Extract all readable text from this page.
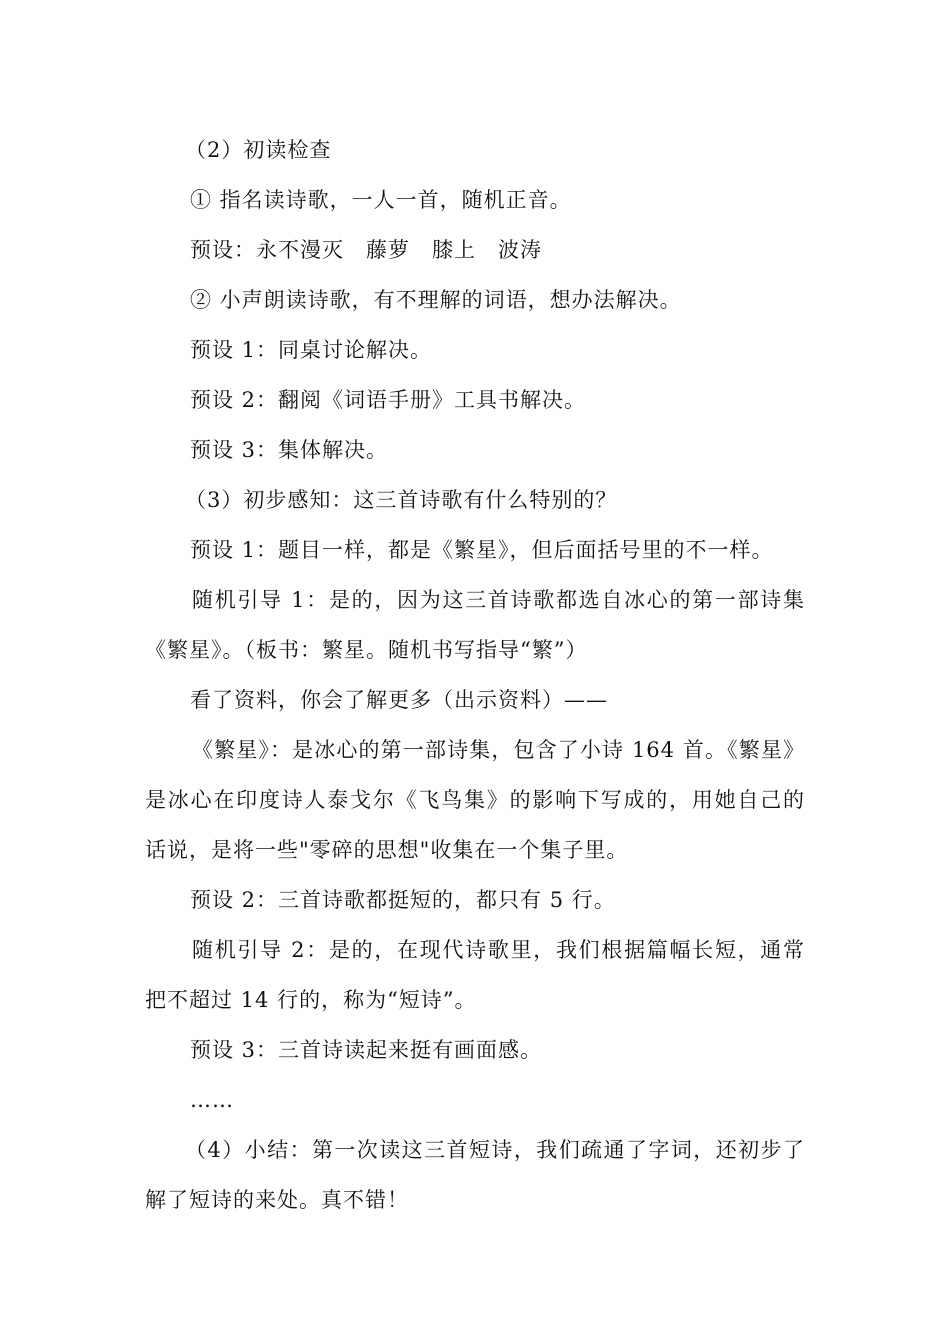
（2）初读检查
① 指名读诗歌，一人一首，随机正音。
预设：永不漫灭　藤萝　膝上　波涛
② 小声朗读诗歌，有不理解的词语，想办法解决。
预设 1：同桌讨论解决。
预设 2：翻阅《词语手册》工具书解决。
预设 3：集体解决。
（3）初步感知：这三首诗歌有什么特别的？
预设 1：题目一样，都是《繁星》，但后面括号里的不一样。
随机引导 1：是的，因为这三首诗歌都选自冰心的第一部诗集
《繁星》。（板书：繁星。随机书写指导“繁”）
看了资料，你会了解更多（出示资料）——
《繁星》：是冰心的第一部诗集，包含了小诗 164 首。《繁星》
是冰心在印度诗人泰戈尔《飞鸟集》的影响下写成的，用她自己的
话说，是将一些"零碎的思想"收集在一个集子里。
预设 2：三首诗歌都挺短的，都只有 5 行。
随机引导 2：是的，在现代诗歌里，我们根据篇幅长短，通常
把不超过 14 行的，称为“短诗”。
预设 3：三首诗读起来挺有画面感。
……
（4）小结：第一次读这三首短诗，我们疏通了字词，还初步了
解了短诗的来处。真不错！
